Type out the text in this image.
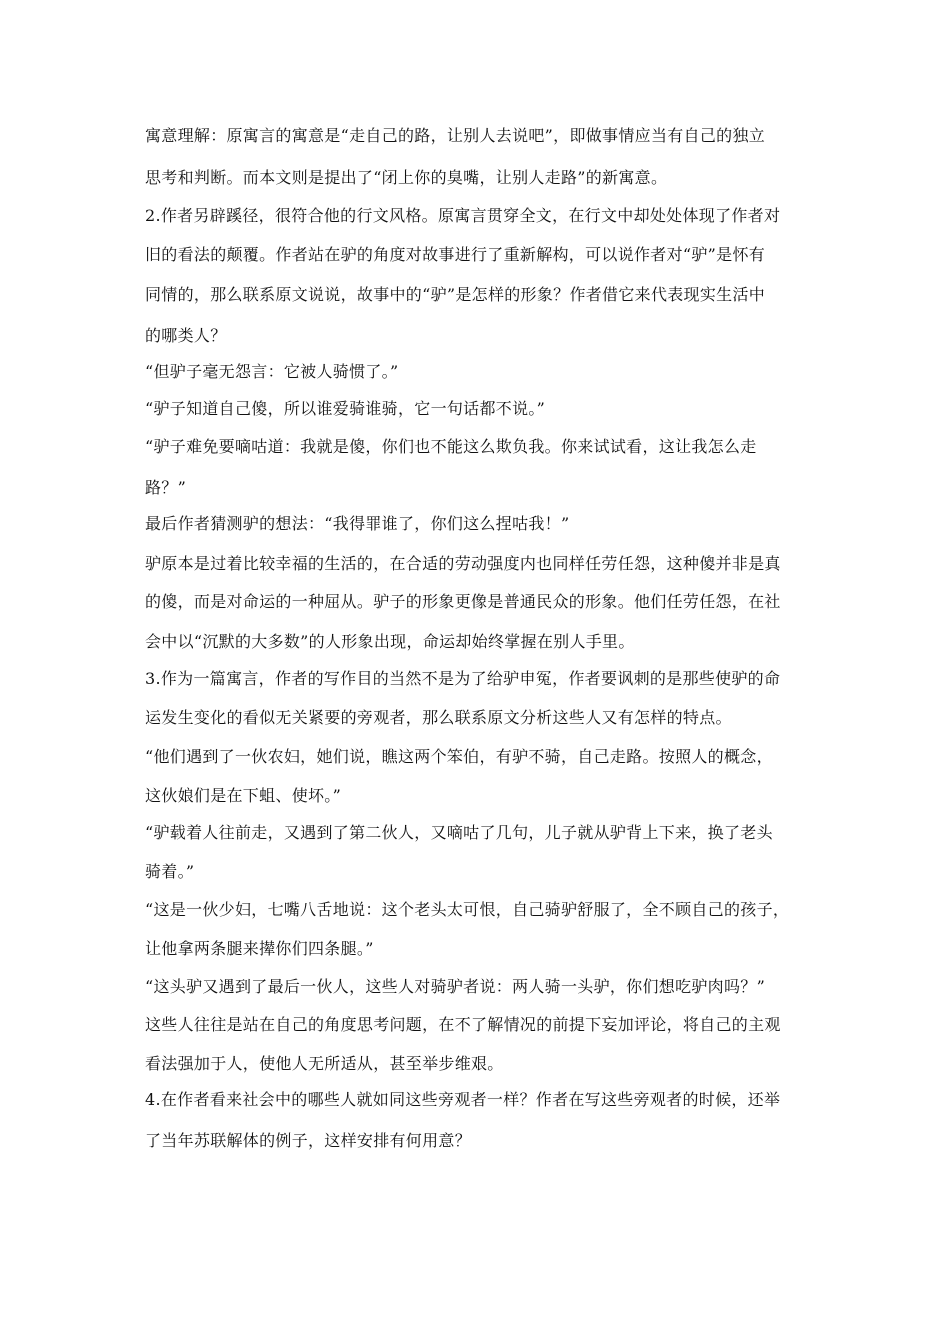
寓意理解：原寓言的寓意是“走自己的路，让别人去说吧”，即做事情应当有自己的独立
思考和判断。而本文则是提出了“闭上你的臭嘴，让别人走路”的新寓意。
2.作者另辟蹊径，很符合他的行文风格。原寓言贯穿全文，在行文中却处处体现了作者对
旧的看法的颠覆。作者站在驴的角度对故事进行了重新解构，可以说作者对“驴”是怀有
同情的，那么联系原文说说，故事中的“驴”是怎样的形象？作者借它来代表现实生活中
的哪类人？
“但驴子毫无怨言：它被人骑惯了。”
“驴子知道自己傻，所以谁爱骑谁骑，它一句话都不说。”
“驴子难免要嘀咕道：我就是傻，你们也不能这么欺负我。你来试试看，这让我怎么走
路？”
最后作者猜测驴的想法：“我得罪谁了，你们这么捏咕我！”
驴原本是过着比较幸福的生活的，在合适的劳动强度内也同样任劳任怨，这种傻并非是真
的傻，而是对命运的一种屈从。驴子的形象更像是普通民众的形象。他们任劳任怨，在社
会中以“沉默的大多数”的人形象出现，命运却始终掌握在别人手里。
3.作为一篇寓言，作者的写作目的当然不是为了给驴申冤，作者要讽刺的是那些使驴的命
运发生变化的看似无关紧要的旁观者，那么联系原文分析这些人又有怎样的特点。
“他们遇到了一伙农妇，她们说，瞧这两个笨伯，有驴不骑，自己走路。按照人的概念，
这伙娘们是在下蛆、使坏。”
“驴载着人往前走，又遇到了第二伙人，又嘀咕了几句，儿子就从驴背上下来，换了老头
骑着。”
“这是一伙少妇，七嘴八舌地说：这个老头太可恨，自己骑驴舒服了，全不顾自己的孩子，
让他拿两条腿来撵你们四条腿。”
“这头驴又遇到了最后一伙人，这些人对骑驴者说：两人骑一头驴，你们想吃驴肉吗？”
这些人往往是站在自己的角度思考问题，在不了解情况的前提下妄加评论，将自己的主观
看法强加于人，使他人无所适从，甚至举步维艰。
4.在作者看来社会中的哪些人就如同这些旁观者一样？作者在写这些旁观者的时候，还举
了当年苏联解体的例子，这样安排有何用意？
